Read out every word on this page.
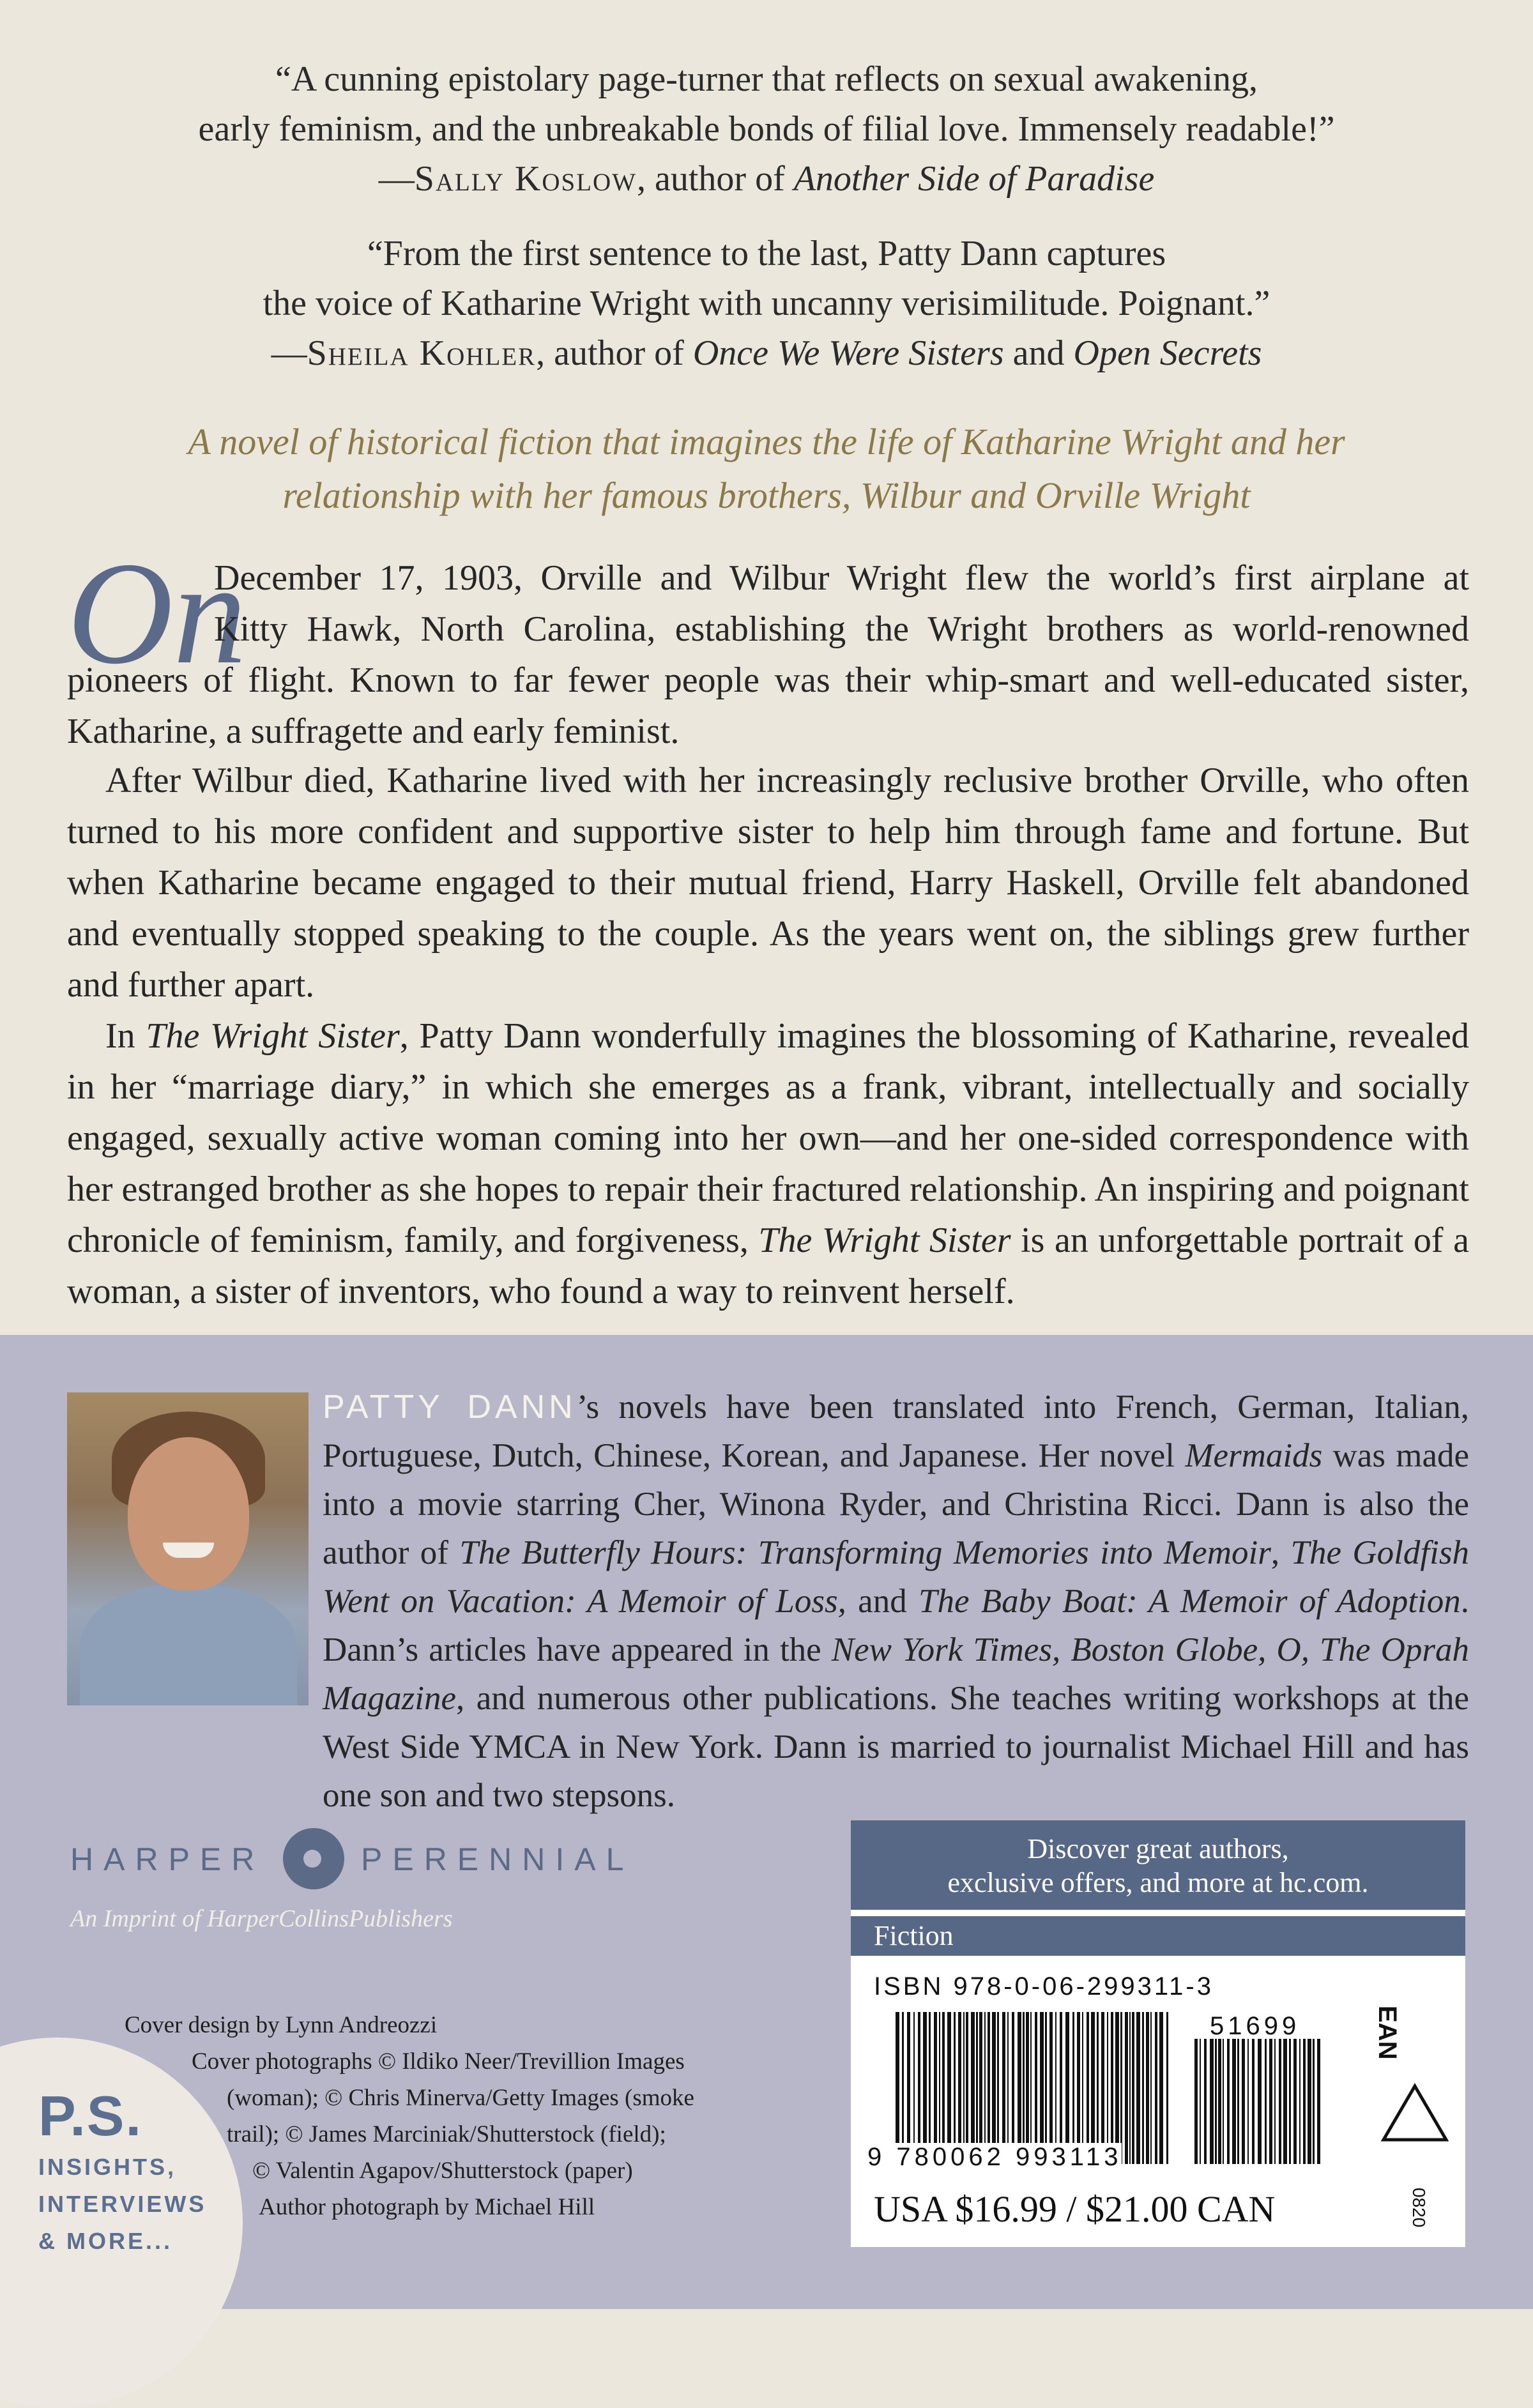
“A cunning epistolary page-turner that reflects on sexual awakening,
early feminism, and the unbreakable bonds of filial love. Immensely readable!”
—Sally Koslow, author of Another Side of Paradise
“From the first sentence to the last, Patty Dann captures
the voice of Katharine Wright with uncanny verisimilitude. Poignant.”
—Sheila Kohler, author of Once We Were Sisters and Open Secrets
A novel of historical fiction that imagines the life of Katharine Wright and her
relationship with her famous brothers, Wilbur and Orville Wright
On
December 17, 1903, Orville and Wilbur Wright flew the world’s first airplane at
Kitty Hawk, North Carolina, establishing the Wright brothers as world-renowned
pioneers of flight. Known to far fewer people was their whip-smart and well-educated sister, Katharine, a suffragette and early feminist.
After Wilbur died, Katharine lived with her increasingly reclusive brother Orville, who often turned to his more confident and supportive sister to help him through fame and fortune. But when Katharine became engaged to their mutual friend, Harry Haskell, Orville felt abandoned and eventually stopped speaking to the couple. As the years went on, the siblings grew further and further apart.
In The Wright Sister, Patty Dann wonderfully imagines the blossoming of Katharine, revealed in her “marriage diary,” in which she emerges as a frank, vibrant, intellectually and socially engaged, sexually active woman coming into her own—and her one-sided correspondence with her estranged brother as she hopes to repair their fractured relationship. An inspiring and poignant chronicle of feminism, family, and forgiveness, The Wright Sister is an unforgettable portrait of a woman, a sister of inventors, who found a way to reinvent herself.
PATTY DANN’s novels have been translated into French, German, Italian, Portuguese, Dutch, Chinese, Korean, and Japanese. Her novel Mermaids was made into a movie starring Cher, Winona Ryder, and Christina Ricci. Dann is also the author of The Butterfly Hours: Transforming Memories into Memoir, The Goldfish Went on Vacation: A Memoir of Loss, and The Baby Boat: A Memoir of Adoption. Dann’s articles have appeared in the New York Times, Boston Globe, O, The Oprah Magazine, and numerous other publications. She teaches writing workshops at the West Side YMCA in New York. Dann is married to journalist Michael Hill and has one son and two stepsons.
HARPER	PERENNIAL
An Imprint of HarperCollinsPublishers
Cover design by Lynn Andreozzi
Cover photographs © Ildiko Neer/Trevillion Images
(woman); © Chris Minerva/Getty Images (smoke
trail); © James Marciniak/Shutterstock (field);
© Valentin Agapov/Shutterstock (paper)
Author photograph by Michael Hill
P.S.
INSIGHTS,
INTERVIEWS
& MORE...
Discover great authors,
exclusive offers, and more at hc.com.
Fiction
ISBN 978-0-06-299311-3
9 780062 993113
51699	EAN
USA $16.99 / $21.00 CAN	0820
